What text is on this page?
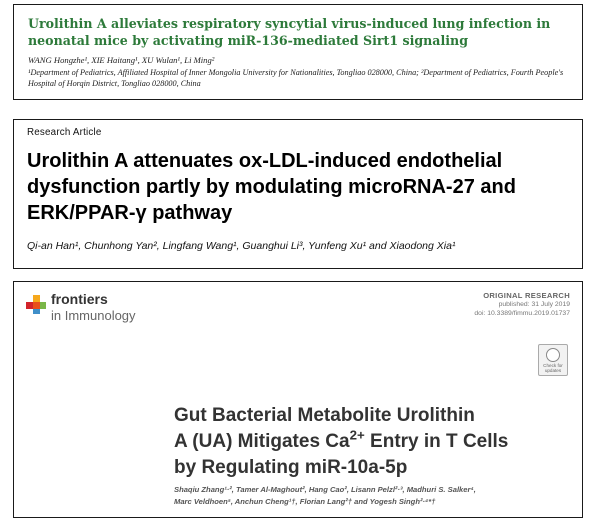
Urolithin A alleviates respiratory syncytial virus-induced lung infection in neonatal mice by activating miR-136-mediated Sirt1 signaling

WANG Hongzhe¹, XIE Haitang¹, XU Wulan¹, Li Ming²
¹Department of Pediatrics, Affiliated Hospital of Inner Mongolia University for Nationalities, Tongliao 028000, China; ²Department of Pediatrics, Fourth People's Hospital of Horqin District, Tongliao 028000, China

Research Article

Urolithin A attenuates ox-LDL-induced endothelial dysfunction partly by modulating microRNA-27 and ERK/PPAR-γ pathway

Qi-an Han¹, Chunhong Yan², Lingfang Wang¹, Guanghui Li³, Yunfeng Xu¹ and Xiaodong Xia¹
frontiers
in Immunology
ORIGINAL RESEARCH
published: 31 July 2019
doi: 10.3389/fimmu.2019.01737
Check for updates

Gut Bacterial Metabolite Urolithin
A (UA) Mitigates $Ca^{2+}$ Entry in T Cells
by Regulating miR-10a-5p

Shaqiu Zhang¹·², Tamer Al-Maghout², Hang Cao², Lisann Pelzl²·³, Madhuri S. Salker⁴,
Marc Veldhoen⁵, Anchun Cheng¹†, Florian Lang²† and Yogesh Singh²·⁴*†
